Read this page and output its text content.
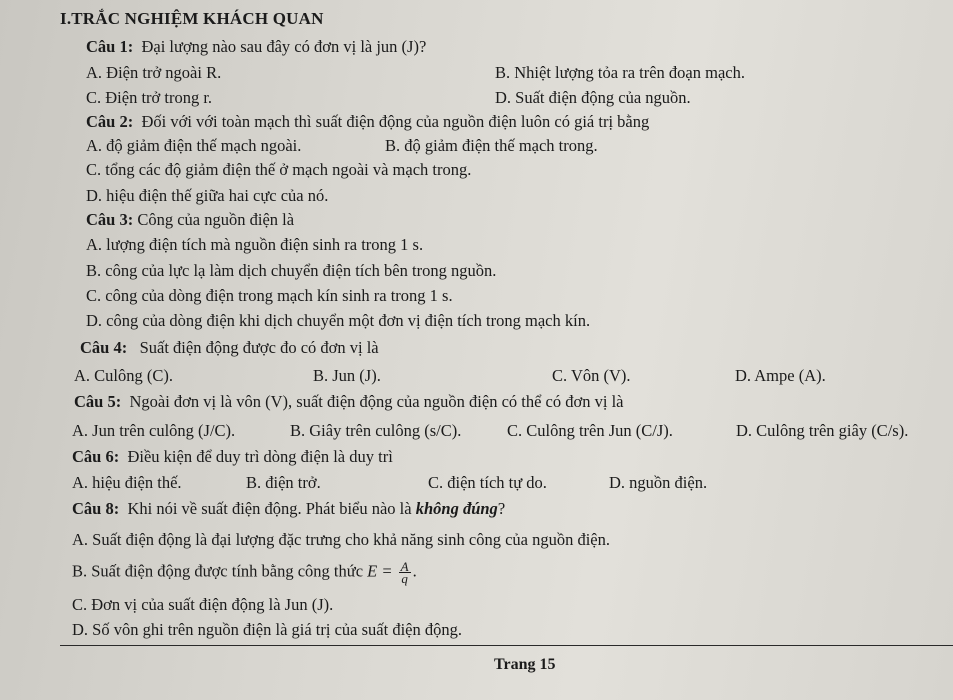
I.TRẮC NGHIỆM KHÁCH QUAN
Câu 1: Đại lượng nào sau đây có đơn vị là jun (J)?
A. Điện trở ngoài R.	B. Nhiệt lượng tỏa ra trên đoạn mạch.
C. Điện trở trong r.	D. Suất điện động của nguồn.
Câu 2: Đối với với toàn mạch thì suất điện động của nguồn điện luôn có giá trị bằng
A. độ giảm điện thế mạch ngoài.	B. độ giảm điện thế mạch trong.
C. tổng các độ giảm điện thế ở mạch ngoài và mạch trong.
D. hiệu điện thế giữa hai cực của nó.
Câu 3: Công của nguồn điện là
A. lượng điện tích mà nguồn điện sinh ra trong 1 s.
B. công của lực lạ làm dịch chuyển điện tích bên trong nguồn.
C. công của dòng điện trong mạch kín sinh ra trong 1 s.
D. công của dòng điện khi dịch chuyển một đơn vị điện tích trong mạch kín.
Câu 4: Suất điện động được đo có đơn vị là
A. Culông (C).	B. Jun (J).	C. Vôn (V).	D. Ampe (A).
Câu 5: Ngoài đơn vị là vôn (V), suất điện động của nguồn điện có thể có đơn vị là
A. Jun trên culông (J/C).	B. Giây trên culông (s/C).	C. Culông trên Jun (C/J).	D. Culông trên giây (C/s).
Câu 6: Điều kiện để duy trì dòng điện là duy trì
A. hiệu điện thế.	B. điện trở.	C. điện tích tự do.	D. nguồn điện.
Câu 8: Khi nói về suất điện động. Phát biểu nào là không đúng?
A. Suất điện động là đại lượng đặc trưng cho khả năng sinh công của nguồn điện.
B. Suất điện động được tính bằng công thức $E = \frac{A}{q}$ .
C. Đơn vị của suất điện động là Jun (J).
D. Số vôn ghi trên nguồn điện là giá trị của suất điện động.
Trang 15
